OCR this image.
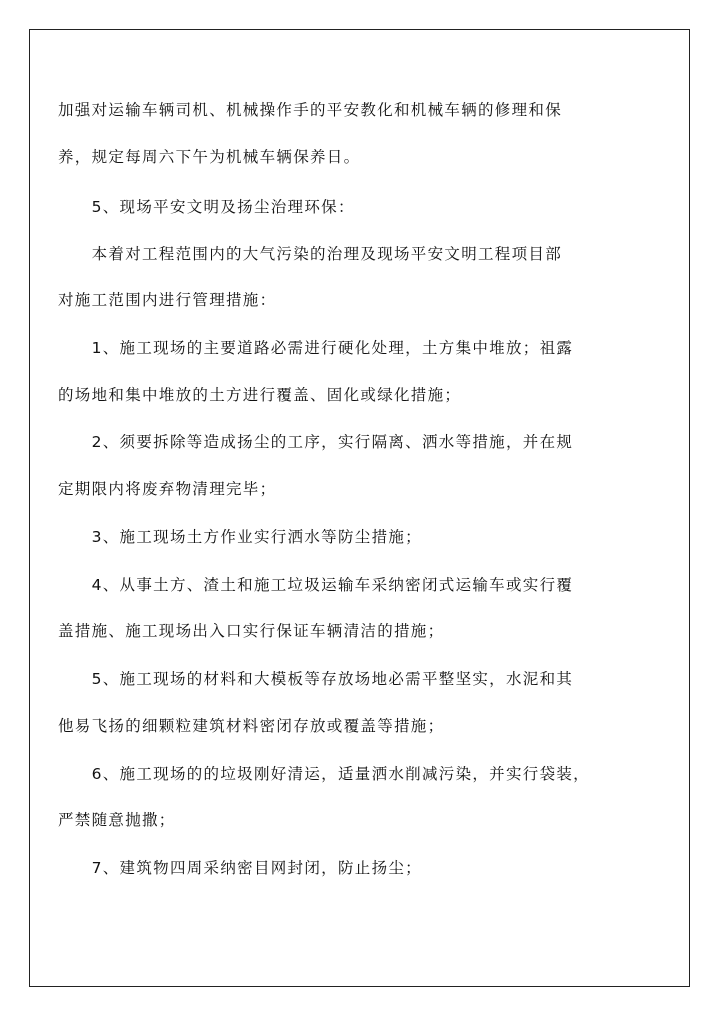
加强对运输车辆司机、机械操作手的平安教化和机械车辆的修理和保
养，规定每周六下午为机械车辆保养日。
　　5、现场平安文明及扬尘治理环保：
　　本着对工程范围内的大气污染的治理及现场平安文明工程项目部
对施工范围内进行管理措施：
　　1、施工现场的主要道路必需进行硬化处理，土方集中堆放；祖露
的场地和集中堆放的土方进行覆盖、固化或绿化措施；
　　2、须要拆除等造成扬尘的工序，实行隔离、洒水等措施，并在规
定期限内将废弃物清理完毕；
　　3、施工现场土方作业实行洒水等防尘措施；
　　4、从事土方、渣土和施工垃圾运输车采纳密闭式运输车或实行覆
盖措施、施工现场出入口实行保证车辆清洁的措施；
　　5、施工现场的材料和大模板等存放场地必需平整坚实，水泥和其
他易飞扬的细颗粒建筑材料密闭存放或覆盖等措施；
　　6、施工现场的的垃圾刚好清运，适量洒水削减污染，并实行袋装，
严禁随意抛撒；
　　7、建筑物四周采纳密目网封闭，防止扬尘；
